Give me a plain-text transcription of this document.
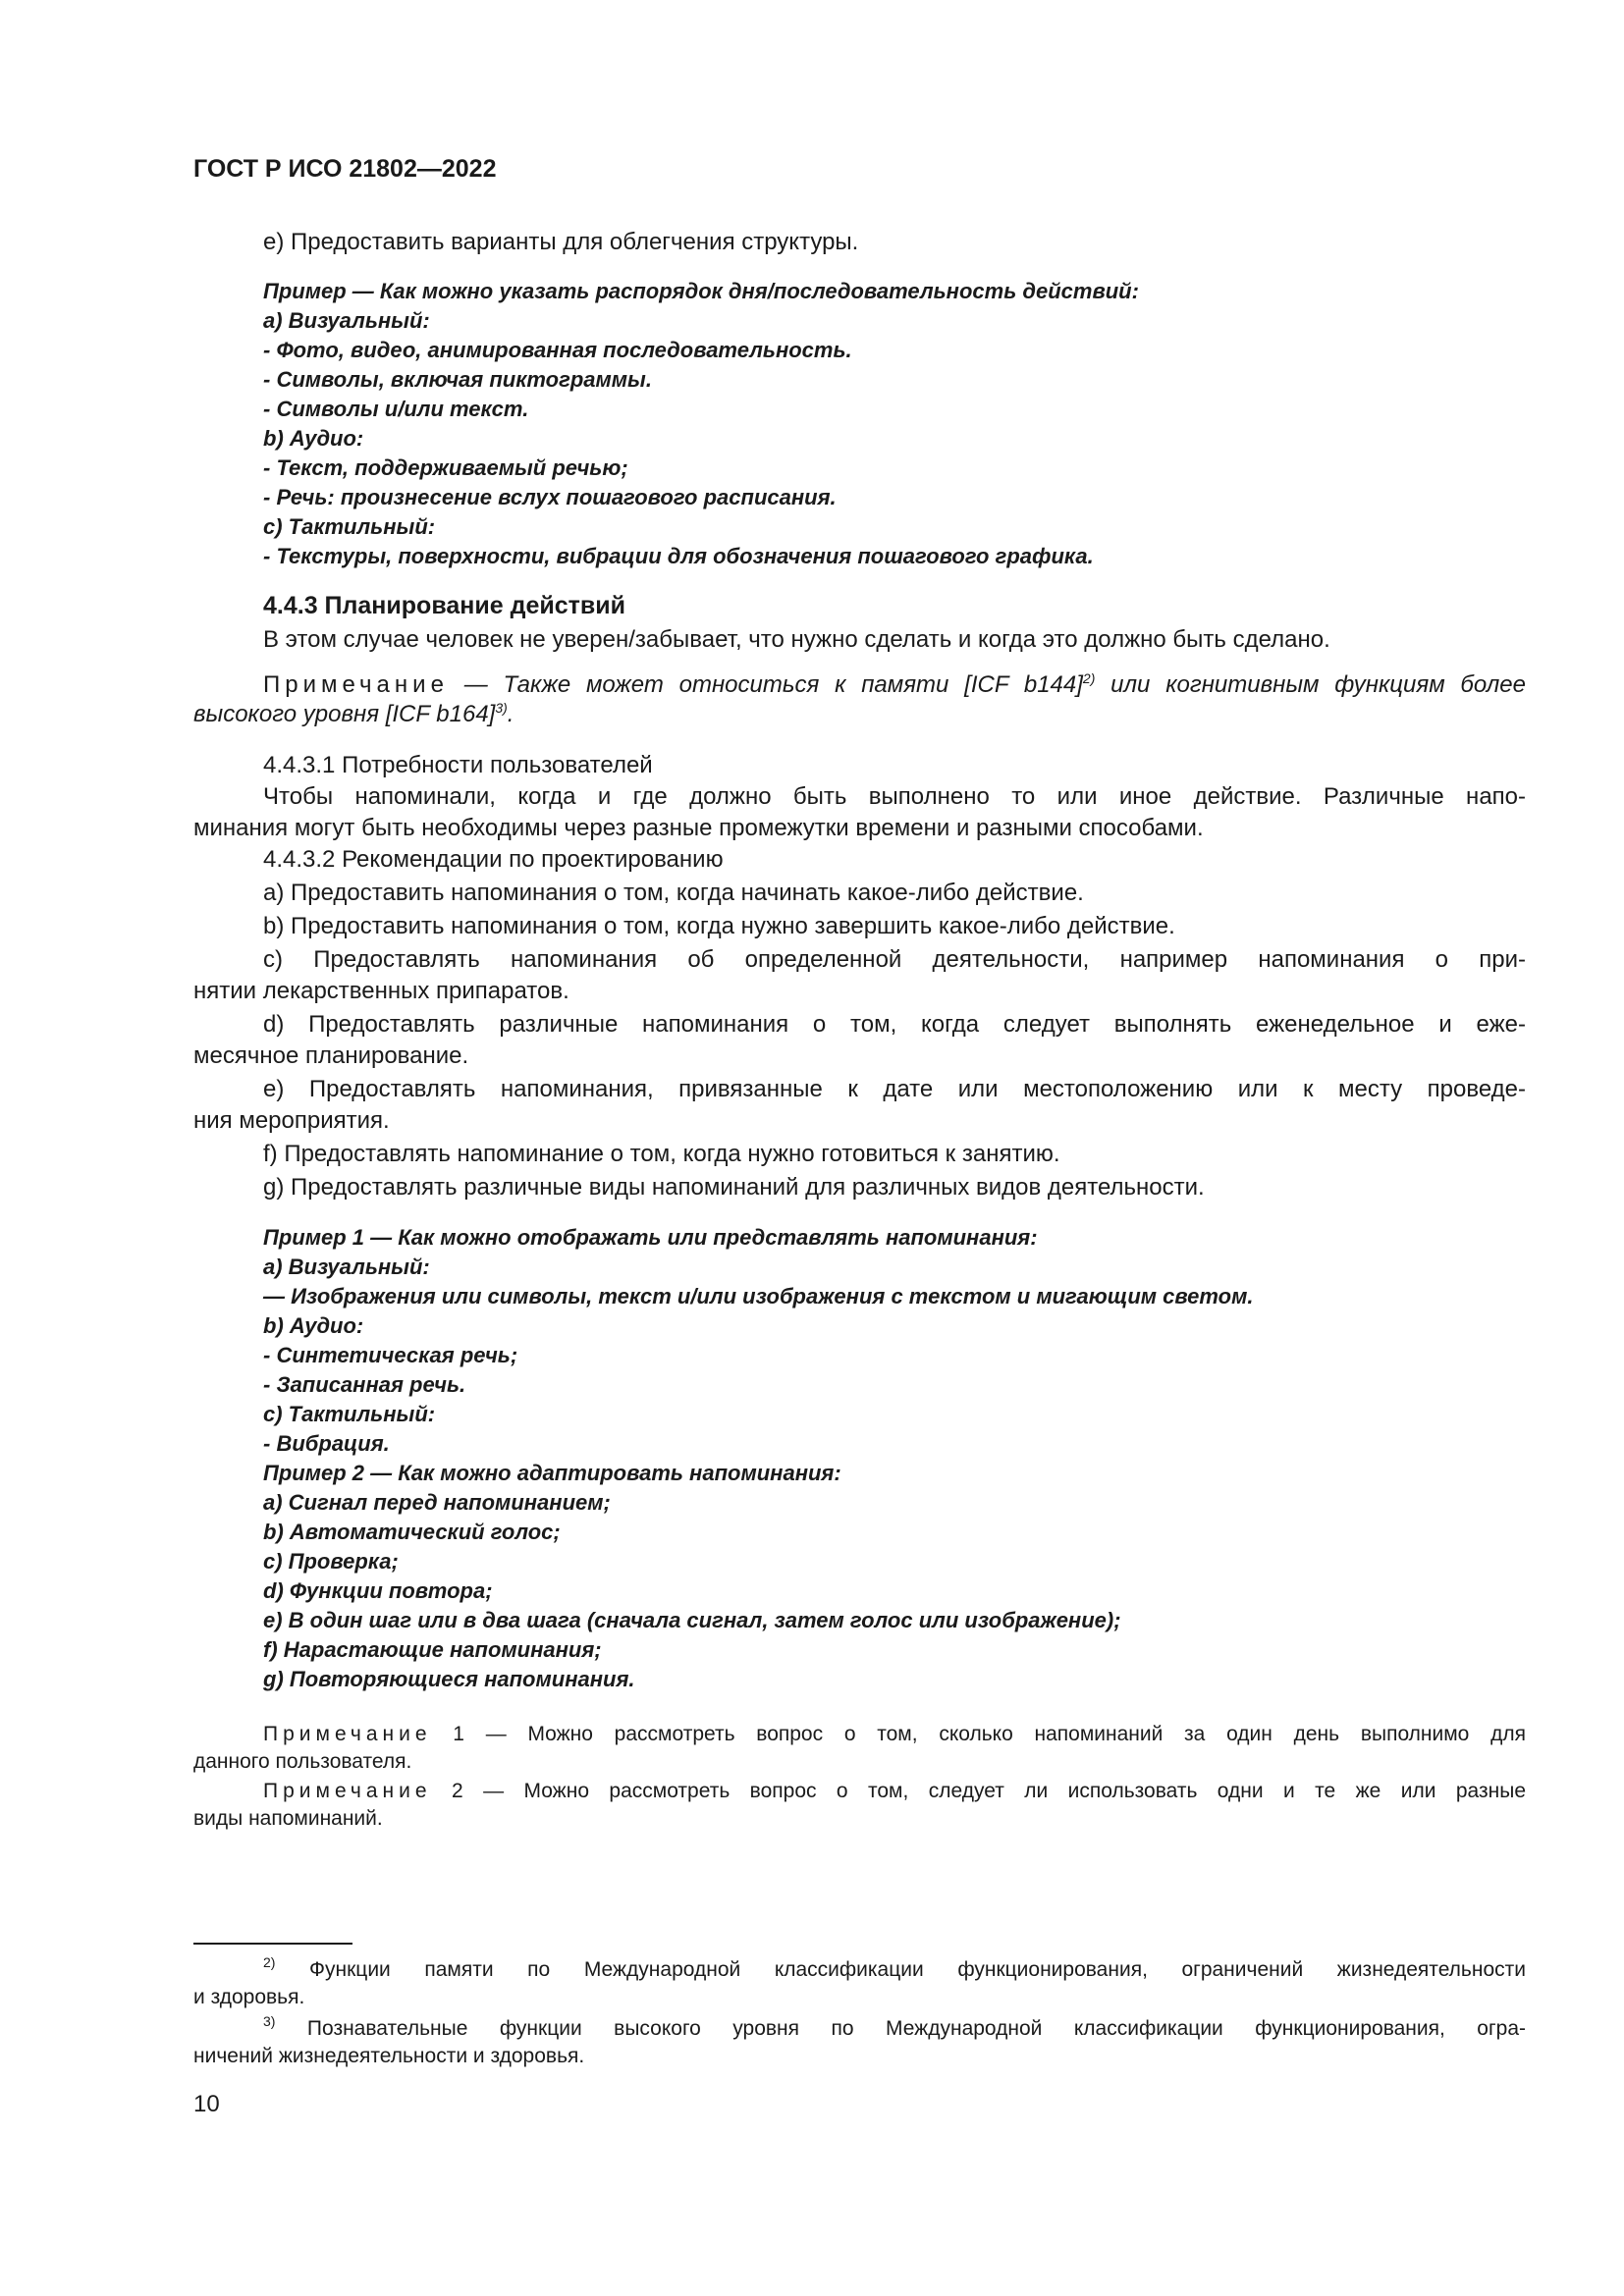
ГОСТ Р ИСО 21802—2022
e) Предоставить варианты для облегчения структуры.
Пример — Как можно указать распорядок дня/последовательность действий:
a) Визуальный:
- Фото, видео, анимированная последовательность.
- Символы, включая пиктограммы.
- Символы и/или текст.
b) Аудио:
- Текст, поддерживаемый речью;
- Речь: произнесение вслух пошагового расписания.
c) Тактильный:
- Текстуры, поверхности, вибрации для обозначения пошагового графика.
4.4.3 Планирование действий
В этом случае человек не уверен/забывает, что нужно сделать и когда это должно быть сделано.
Примечание — Также может относиться к памяти [ICF b144]$^{2)}$ или когнитивным функциям более
высокого уровня [ICF b164]$^{3)}$.
4.4.3.1 Потребности пользователей
Чтобы напоминали, когда и где должно быть выполнено то или иное действие. Различные напо-
минания могут быть необходимы через разные промежутки времени и разными способами.
4.4.3.2 Рекомендации по проектированию
a) Предоставить напоминания о том, когда начинать какое-либо действие.
b) Предоставить напоминания о том, когда нужно завершить какое-либо действие.
c) Предоставлять напоминания об определенной деятельности, например напоминания о при-
нятии лекарственных припаратов.
d) Предоставлять различные напоминания о том, когда следует выполнять еженедельное и еже-
месячное планирование.
e) Предоставлять напоминания, привязанные к дате или местоположению или к месту проведе-
ния мероприятия.
f) Предоставлять напоминание о том, когда нужно готовиться к занятию.
g) Предоставлять различные виды напоминаний для различных видов деятельности.
Пример 1 — Как можно отображать или представлять напоминания:
a) Визуальный:
— Изображения или символы, текст и/или изображения с текстом и мигающим светом.
b) Аудио:
- Синтетическая речь;
- Записанная речь.
c) Тактильный:
- Вибрация.
Пример 2 — Как можно адаптировать напоминания:
a) Сигнал перед напоминанием;
b) Автоматический голос;
c) Проверка;
d) Функции повтора;
e) В один шаг или в два шага (сначала сигнал, затем голос или изображение);
f) Нарастающие напоминания;
g) Повторяющиеся напоминания.
Примечание 1 — Можно рассмотреть вопрос о том, сколько напоминаний за один день выполнимо для
данного пользователя.
Примечание 2 — Можно рассмотреть вопрос о том, следует ли использовать одни и те же или разные
виды напоминаний.
$^{2)}$ Функции памяти по Международной классификации функционирования, ограничений жизнедеятельности
и здоровья.
$^{3)}$ Познавательные функции высокого уровня по Международной классификации функционирования, огра-
ничений жизнедеятельности и здоровья.
10
